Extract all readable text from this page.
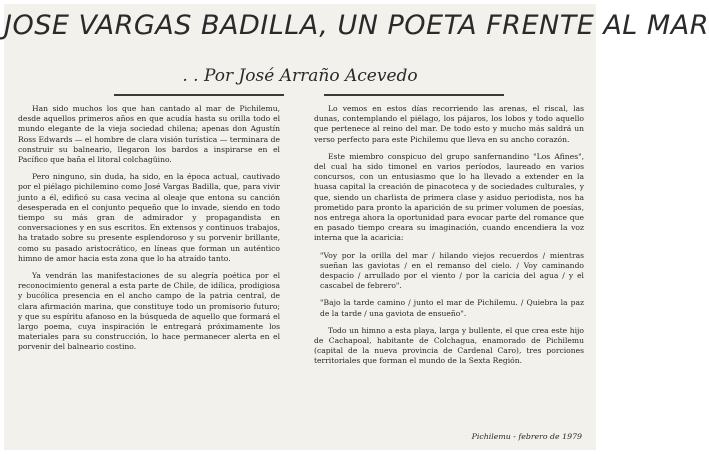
JOSE VARGAS BADILLA, UN POETA FRENTE AL MAR
. . Por José Arraño Acevedo

Han sido muchos los que han cantado al mar de Pichilemu, desde aquellos primeros años en que acudía hasta su orilla todo el mundo elegante de la vieja sociedad chilena; apenas don Agustín Ross Edwards — el hombre de clara visión turística — terminara de construir su balneario, llegaron los bardos a inspirarse en el Pacífico que baña el litoral colchagüino.

Pero ninguno, sin duda, ha sido, en la época actual, cautivado por el piélago pichilemino como José Vargas Badilla, que, para vivir junto a él, edificó su casa vecina al oleaje que entona su canción desesperada en el conjunto pequeño que lo invade, siendo en todo tiempo su más gran de admirador y propagandista en conversaciones y en sus escritos. En extensos y continuos trabajos, ha tratado sobre su presente esplendoroso y su porvenir brillante, como su pasado aristocrático, en líneas que forman un auténtico himno de amor hacia esta zona que lo ha atraído tanto.

Ya vendrán las manifestaciones de su alegría poética por el reconocimiento general a esta parte de Chile, de idílica, prodigiosa y bucólica presencia en el ancho campo de la patria central, de clara afirmación marina, que constituye todo un promisorio futuro; y que su espíritu afanoso en la búsqueda de aquello que formará el largo poema, cuya inspiración le entregará próximamente los materiales para su construcción, lo hace permanecer alerta en el porvenir del balneario costino.

Lo vemos en estos días recorriendo las arenas, el riscal, las dunas, contemplando el piélago, los pájaros, los lobos y todo aquello que pertenece al reino del mar. De todo esto y mucho más saldrá un verso perfecto para este Pichilemu que lleva en su ancho corazón.

Este miembro conspicuo del grupo sanfernandino "Los Afines", del cual ha sido timonel en varios períodos, laureado en varios concursos, con un entusiasmo que lo ha llevado a extender en la huasa capital la creación de pinacoteca y de sociedades culturales, y que, siendo un charlista de primera clase y asiduo periodista, nos ha prometido para pronto la aparición de su primer volumen de poesías, nos entrega ahora la oportunidad para evocar parte del romance que en pasado tiempo creara su imaginación, cuando encendiera la voz interna que la acaricia:

"Voy por la orilla del mar / hilando viejos recuerdos / mientras sueñan las gaviotas / en el remanso del cielo. / Voy caminando despacio / arrullado por el viento / por la caricia del agua / y el cascabel de febrero".

"Bajo la tarde camino / junto el mar de Pichilemu. / Quiebra la paz de la tarde / una gaviota de ensueño".

Todo un himno a esta playa, larga y bullente, el que crea este hijo de Cachapoal, habitante de Colchagua, enamorado de Pichilemu (capital de la nueva provincia de Cardenal Caro), tres porciones territoriales que forman el mundo de la Sexta Región.

Pichilemu - febrero de 1979
